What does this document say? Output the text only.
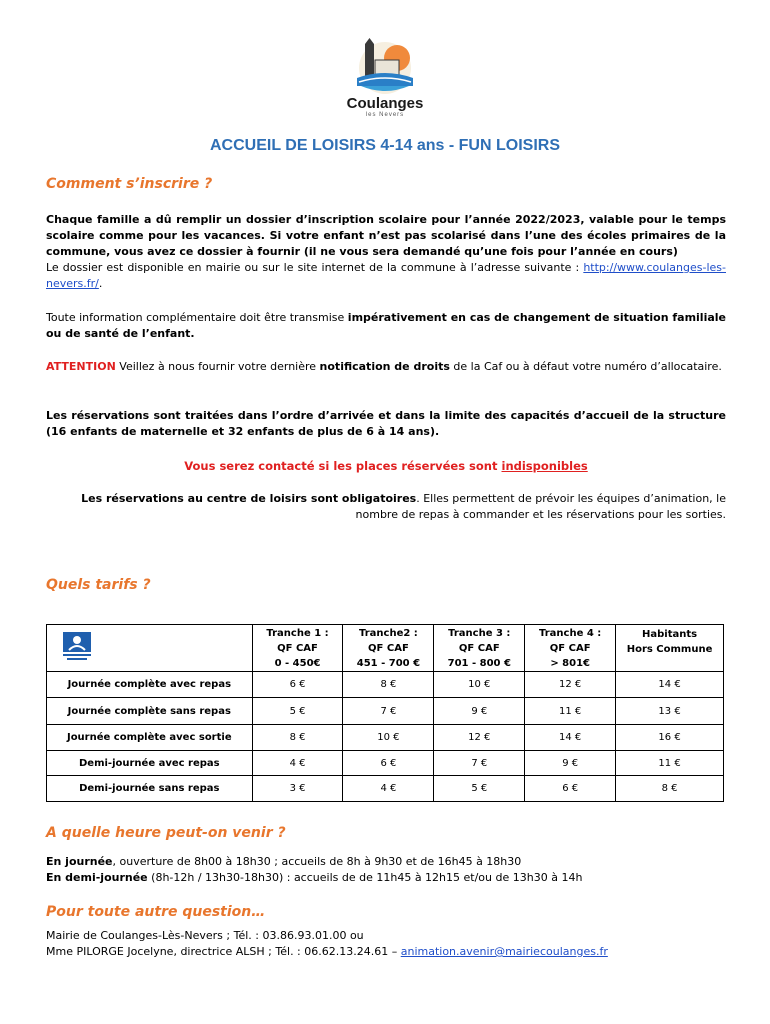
Coulanges
les Nevers
ACCUEIL DE LOISIRS 4-14 ans - FUN LOISIRS
Comment s’inscrire ?
Chaque famille a dû remplir un dossier d’inscription scolaire pour l’année 2022/2023, valable pour le temps scolaire comme pour les vacances. Si votre enfant n’est pas scolarisé dans l’une des écoles primaires de la commune, vous avez ce dossier à fournir (il ne vous sera demandé qu’une fois pour l’année en cours)
Le dossier est disponible en mairie ou sur le site internet de la commune à l’adresse suivante : http://www.coulanges-les-nevers.fr/.
Toute information complémentaire doit être transmise impérativement en cas de changement de situation familiale ou de santé de l’enfant.
ATTENTION Veillez à nous fournir votre dernière notification de droits de la Caf ou à défaut votre numéro d’allocataire.
Les réservations sont traitées dans l’ordre d’arrivée et dans la limite des capacités d’accueil de la structure (16 enfants de maternelle et 32 enfants de plus de 6 à 14 ans).
Vous serez contacté si les places réservées sont indisponibles
Les réservations au centre de loisirs sont obligatoires. Elles permettent de prévoir les équipes d’animation, le nombre de repas à commander et les réservations pour les sorties.
Quels tarifs ?
	Tranche 1 :
QF CAF
0 - 450€	Tranche2 :
QF CAF
451 - 700 €	Tranche 3 :
QF CAF
701 - 800 €	Tranche 4 :
QF CAF
> 801€	Habitants
Hors Commune
Journée complète avec repas	6 €	8 €	10 €	12 €	14 €
Journée complète sans repas	5 €	7 €	9 €	11 €	13 €
Journée complète avec sortie	8 €	10 €	12 €	14 €	16 €
Demi-journée avec repas	4 €	6 €	7 €	9 €	11 €
Demi-journée sans repas	3 €	4 €	5 €	6 €	8 €
A quelle heure peut-on venir ?
En journée, ouverture de 8h00 à 18h30 ; accueils de 8h à 9h30 et de 16h45 à 18h30
En demi-journée (8h-12h / 13h30-18h30) : accueils de de 11h45 à 12h15 et/ou de 13h30 à 14h
Pour toute autre question…
Mairie de Coulanges-Lès-Nevers ; Tél. : 03.86.93.01.00 ou
Mme PILORGE Jocelyne, directrice ALSH ; Tél. : 06.62.13.24.61 – animation.avenir@mairiecoulanges.fr
